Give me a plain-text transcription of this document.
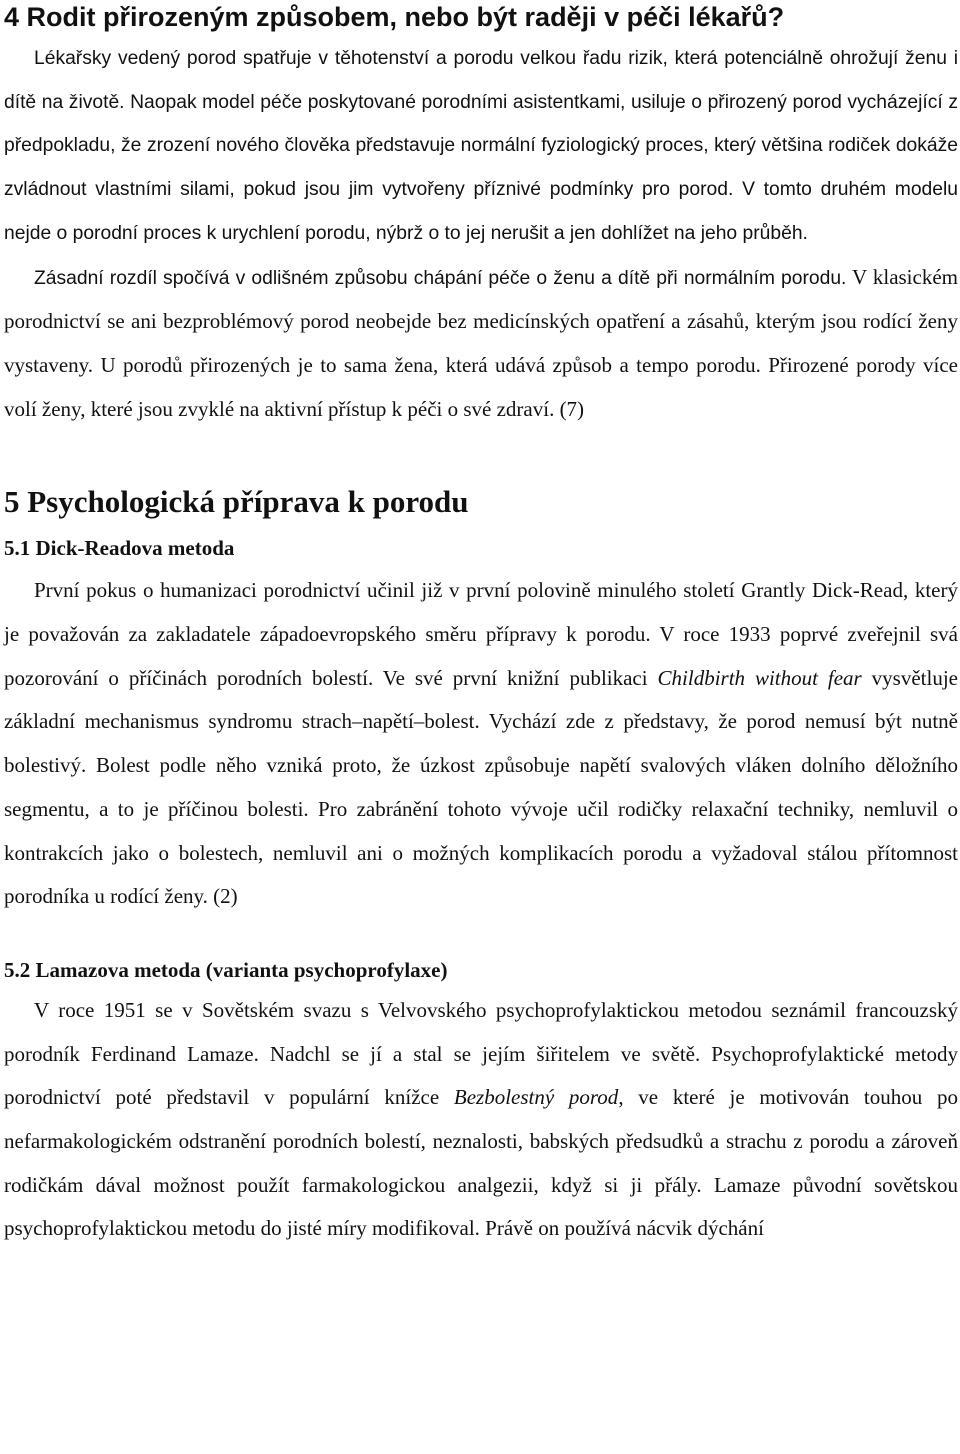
4 Rodit přirozeným způsobem, nebo být raději v péči lékařů?

Lékařsky vedený porod spatřuje v těhotenství a porodu velkou řadu rizik, která potenciálně ohrožují ženu i dítě na životě. Naopak model péče poskytované porodními asistentkami, usiluje o přirozený porod vycházející z předpokladu, že zrození nového člověka představuje normální fyziologický proces, který většina rodiček dokáže zvládnout vlastními silami, pokud jsou jim vytvořeny příznivé podmínky pro porod. V tomto druhém modelu nejde o porodní proces k urychlení porodu, nýbrž o to jej nerušit a jen dohlížet na jeho průběh.

Zásadní rozdíl spočívá v odlišném způsobu chápání péče o ženu a dítě při normálním porodu. V klasickém porodnictví se ani bezproblémový porod neobejde bez medicínských opatření a zásahů, kterým jsou rodící ženy vystaveny. U porodů přirozených je to sama žena, která udává způsob a tempo porodu. Přirozené porody více volí ženy, které jsou zvyklé na aktivní přístup k péči o své zdraví. (7)

5 Psychologická příprava k porodu
5.1 Dick-Readova metoda

První pokus o humanizaci porodnictví učinil již v první polovině minulého století Grantly Dick-Read, který je považován za zakladatele západoevropského směru přípravy k porodu. V roce 1933 poprvé zveřejnil svá pozorování o příčinách porodních bolestí. Ve své první knižní publikaci Childbirth without fear vysvětluje základní mechanismus syndromu strach–napětí–bolest. Vychází zde z představy, že porod nemusí být nutně bolestivý. Bolest podle něho vzniká proto, že úzkost způsobuje napětí svalových vláken dolního děložního segmentu, a to je příčinou bolesti. Pro zabránění tohoto vývoje učil rodičky relaxační techniky, nemluvil o kontrakcích jako o bolestech, nemluvil ani o možných komplikacích porodu a vyžadoval stálou přítomnost porodníka u rodící ženy. (2)

5.2 Lamazova metoda (varianta psychoprofylaxe)

V roce 1951 se v Sovětském svazu s Velvovského psychoprofylaktickou metodou seznámil francouzský porodník Ferdinand Lamaze. Nadchl se jí a stal se jejím šiřitelem ve světě. Psychoprofylaktické metody porodnictví poté představil v populární knížce Bezbolestný porod, ve které je motivován touhou po nefarmakologickém odstranění porodních bolestí, neznalosti, babských předsudků a strachu z porodu a zároveň rodičkám dával možnost použít farmakologickou analgezii, když si ji přály. Lamaze původní sovětskou psychoprofylaktickou metodu do jisté míry modifikoval. Právě on používá nácvik dýchání
